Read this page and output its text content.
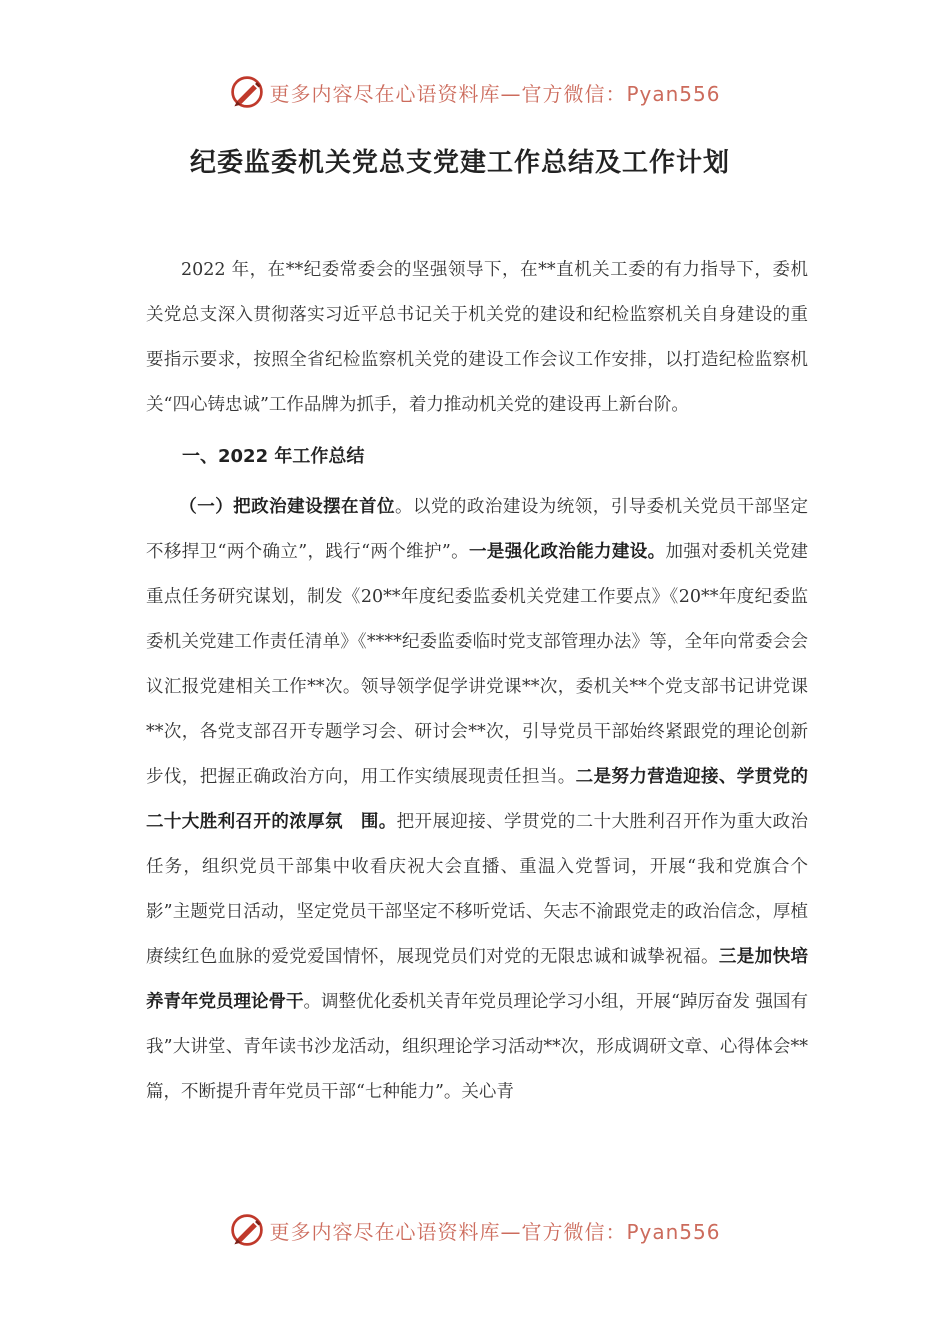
更多内容尽在心语资料库—官方微信：Pyan556
纪委监委机关党总支党建工作总结及工作计划

2022 年，在**纪委常委会的坚强领导下，在**直机关工委的有力指导下，委机关党总支深入贯彻落实习近平总书记关于机关党的建设和纪检监察机关自身建设的重要指示要求，按照全省纪检监察机关党的建设工作会议工作安排，以打造纪检监察机关“四心铸忠诚”工作品牌为抓手，着力推动机关党的建设再上新台阶。

一、2022 年工作总结

（一）把政治建设摆在首位。以党的政治建设为统领，引导委机关党员干部坚定不移捍卫“两个确立”，践行“两个维护”。一是强化政治能力建设。加强对委机关党建重点任务研究谋划，制发《20**年度纪委监委机关党建工作要点》《20**年度纪委监委机关党建工作责任清单》《****纪委监委临时党支部管理办法》等，全年向常委会会议汇报党建相关工作**次。领导领学促学讲党课**次，委机关**个党支部书记讲党课**次，各党支部召开专题学习会、研讨会**次，引导党员干部始终紧跟党的理论创新步伐，把握正确政治方向，用工作实绩展现责任担当。二是努力营造迎接、学贯党的二十大胜利召开的浓厚氛　围。把开展迎接、学贯党的二十大胜利召开作为重大政治任务，组织党员干部集中收看庆祝大会直播、重温入党誓词，开展“我和党旗合个影”主题党日活动，坚定党员干部坚定不移听党话、矢志不渝跟党走的政治信念，厚植赓续红色血脉的爱党爱国情怀，展现党员们对党的无限忠诚和诚挚祝福。三是加快培养青年党员理论骨干。调整优化委机关青年党员理论学习小组，开展“踔厉奋发 强国有我”大讲堂、青年读书沙龙活动，组织理论学习活动**次，形成调研文章、心得体会**篇，不断提升青年党员干部“七种能力”。关心青

更多内容尽在心语资料库—官方微信：Pyan556
